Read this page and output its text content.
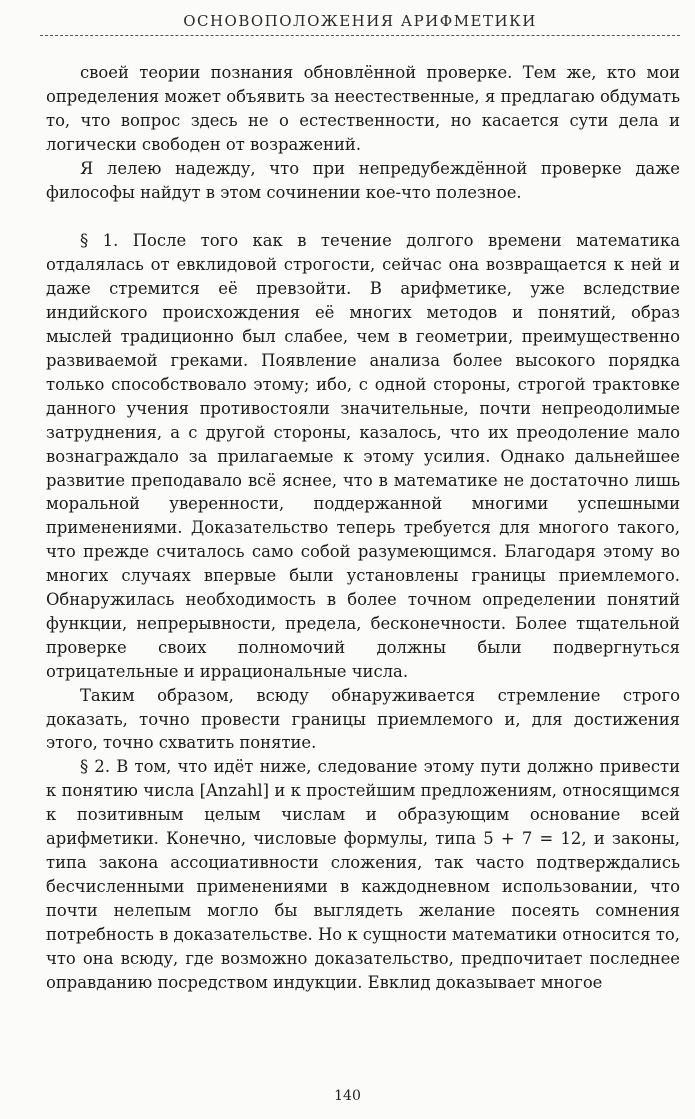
ОСНОВОПОЛОЖЕНИЯ АРИФМЕТИКИ

своей теории познания обновлённой проверке. Тем же, кто мои определения может объявить за неестественные, я предлагаю обдумать то, что вопрос здесь не о естественности, но касается сути дела и логически свободен от возражений.

Я лелею надежду, что при непредубеждённой проверке даже философы найдут в этом сочинении кое-что полезное.

§ 1. После того как в течение долгого времени математика отдалялась от евклидовой строгости, сейчас она возвращается к ней и даже стремится её превзойти. В арифметике, уже вследствие индийского происхождения её многих методов и понятий, образ мыслей традиционно был слабее, чем в геометрии, преимущественно развиваемой греками. Появление анализа более высокого порядка только способствовало этому; ибо, с одной стороны, строгой трактовке данного учения противостояли значительные, почти непреодолимые затруднения, а с другой стороны, казалось, что их преодоление мало вознаграждало за прилагаемые к этому усилия. Однако дальнейшее развитие преподавало всё яснее, что в математике не достаточно лишь моральной уверенности, поддержанной многими успешными применениями. Доказательство теперь требуется для многого такого, что прежде считалось само собой разумеющимся. Благодаря этому во многих случаях впервые были установлены границы приемлемого. Обнаружилась необходимость в более точном определении понятий функции, непрерывности, предела, бесконечности. Более тщательной проверке своих полномочий должны были подвергнуться отрицательные и иррациональные числа.

Таким образом, всюду обнаруживается стремление строго доказать, точно провести границы приемлемого и, для достижения этого, точно схватить понятие.

§ 2. В том, что идёт ниже, следование этому пути должно привести к понятию числа [Anzahl] и к простейшим предложениям, относящимся к позитивным целым числам и образующим основание всей арифметики. Конечно, числовые формулы, типа 5 + 7 = 12, и законы, типа закона ассоциативности сложения, так часто подтверждались бесчисленными применениями в каждодневном использовании, что почти нелепым могло бы выглядеть желание посеять сомнения потребность в доказательстве. Но к сущности математики относится то, что она всюду, где возможно доказательство, предпочитает последнее оправданию посредством индукции. Евклид доказывает многое

140
